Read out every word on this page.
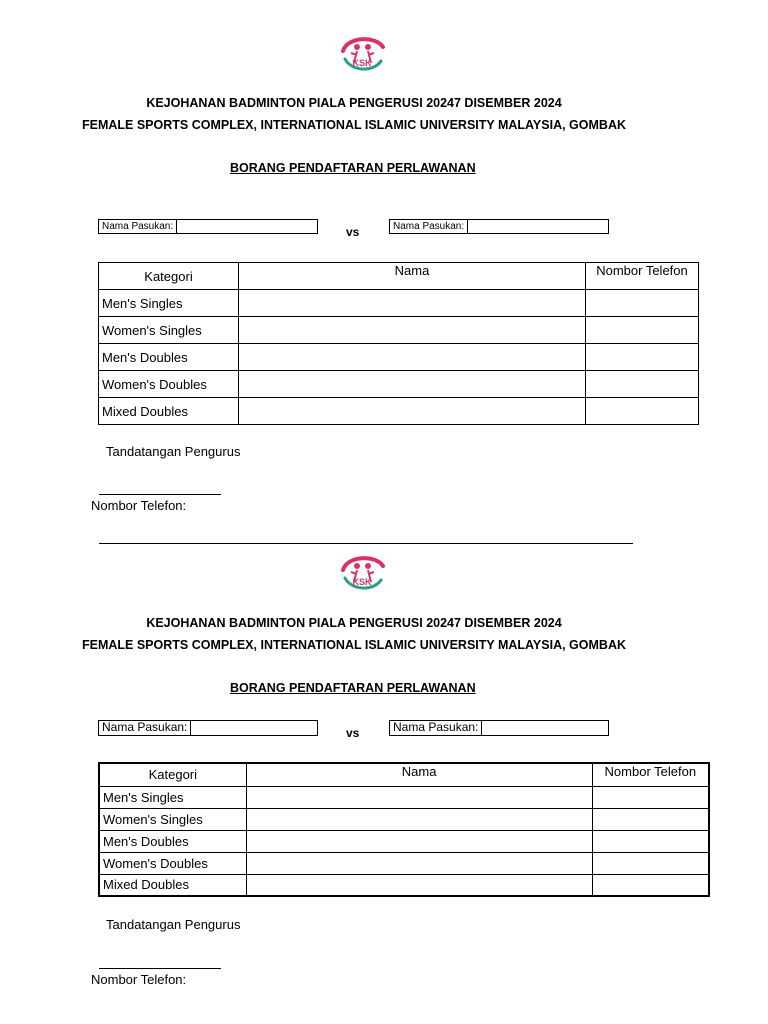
KSK
KEJOHANAN BADMINTON PIALA PENGERUSI 20247 DISEMBER 2024
FEMALE SPORTS COMPLEX, INTERNATIONAL ISLAMIC UNIVERSITY MALAYSIA, GOMBAK
BORANG PENDAFTARAN PERLAWANAN
Nama Pasukan:	vs	Nama Pasukan:
Kategori	Nama	Nombor Telefon
Men's Singles		
Women's Singles		
Men's Doubles		
Women's Doubles		
Mixed Doubles		
Tandatangan Pengurus
Nombor Telefon:
KSK
KEJOHANAN BADMINTON PIALA PENGERUSI 20247 DISEMBER 2024
FEMALE SPORTS COMPLEX, INTERNATIONAL ISLAMIC UNIVERSITY MALAYSIA, GOMBAK
BORANG PENDAFTARAN PERLAWANAN
Nama Pasukan:	vs	Nama Pasukan:
Kategori	Nama	Nombor Telefon
Men's Singles		
Women's Singles		
Men's Doubles		
Women's Doubles		
Mixed Doubles		
Tandatangan Pengurus
Nombor Telefon:
